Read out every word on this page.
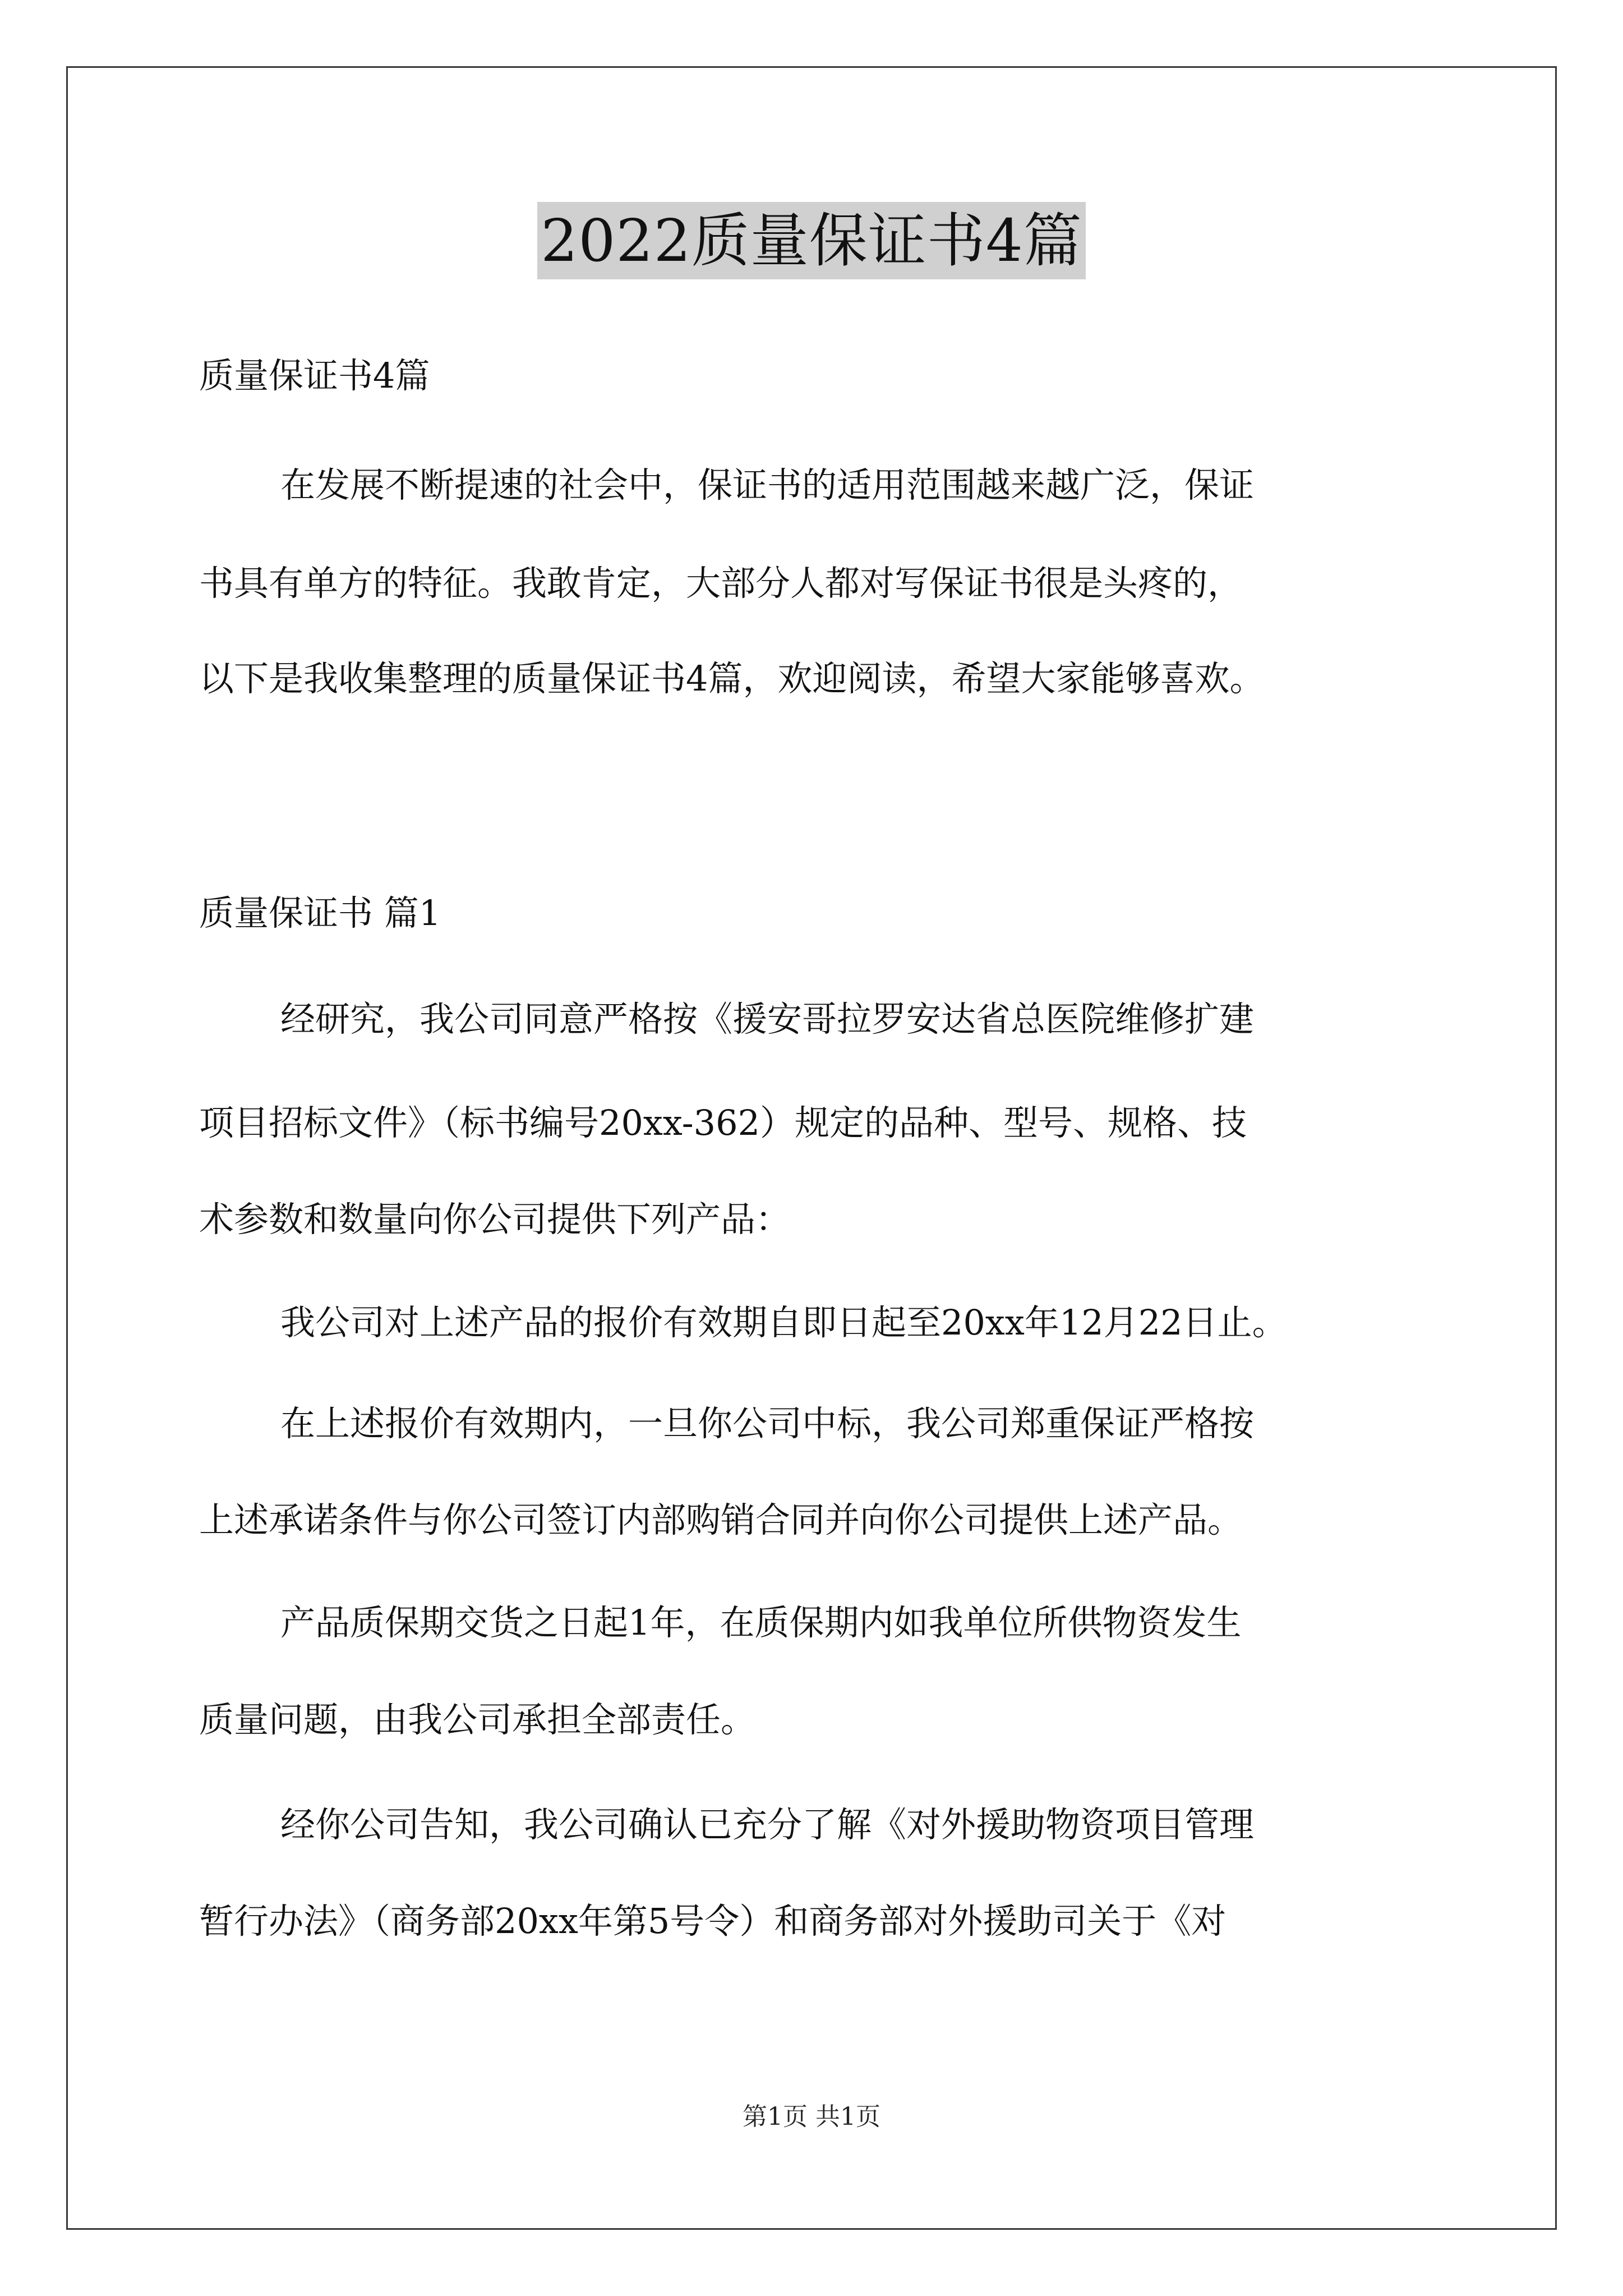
2022质量保证书4篇
质量保证书4篇
在发展不断提速的社会中，保证书的适用范围越来越广泛，保证
书具有单方的特征。我敢肯定，大部分人都对写保证书很是头疼的，
以下是我收集整理的质量保证书4篇，欢迎阅读，希望大家能够喜欢。
质量保证书 篇1
经研究，我公司同意严格按《援安哥拉罗安达省总医院维修扩建
项目招标文件》（标书编号20xx-362）规定的品种、型号、规格、技
术参数和数量向你公司提供下列产品：
我公司对上述产品的报价有效期自即日起至20xx年12月22日止。
在上述报价有效期内，一旦你公司中标，我公司郑重保证严格按
上述承诺条件与你公司签订内部购销合同并向你公司提供上述产品。
产品质保期交货之日起1年，在质保期内如我单位所供物资发生
质量问题，由我公司承担全部责任。
经你公司告知，我公司确认已充分了解《对外援助物资项目管理
暂行办法》（商务部20xx年第5号令）和商务部对外援助司关于《对
第1页 共1页
